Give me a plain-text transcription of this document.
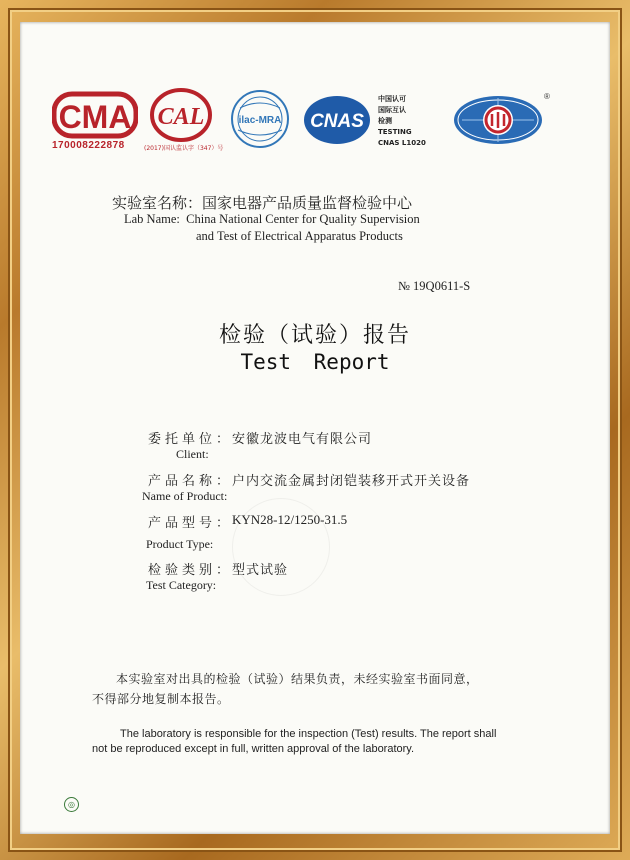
CMA
170008222878
CAL
(2017)国认监认字（347）号
ilac-MRA CNAS
中国认可
国际互认
检测
TESTING
CNAS L1020
®
实验室名称：国家电器产品质量监督检验中心
Lab Name: China National Center for Quality Supervision
and Test of Electrical Apparatus Products
№ 19Q0611-S
检验（试验）报告
Test Report
委托单位：
安徽龙波电气有限公司
Client:
产品名称：
户内交流金属封闭铠装移开式开关设备
Name of Product:
产品型号：
KYN28-12/1250-31.5
Product Type:
检验类别：
型式试验
Test Category:
本实验室对出具的检验（试验）结果负责，未经实验室书面同意，
不得部分地复制本报告。
The laboratory is responsible for the inspection (Test) results. The report shall
not be reproduced except in full, written approval of the laboratory.
◎
